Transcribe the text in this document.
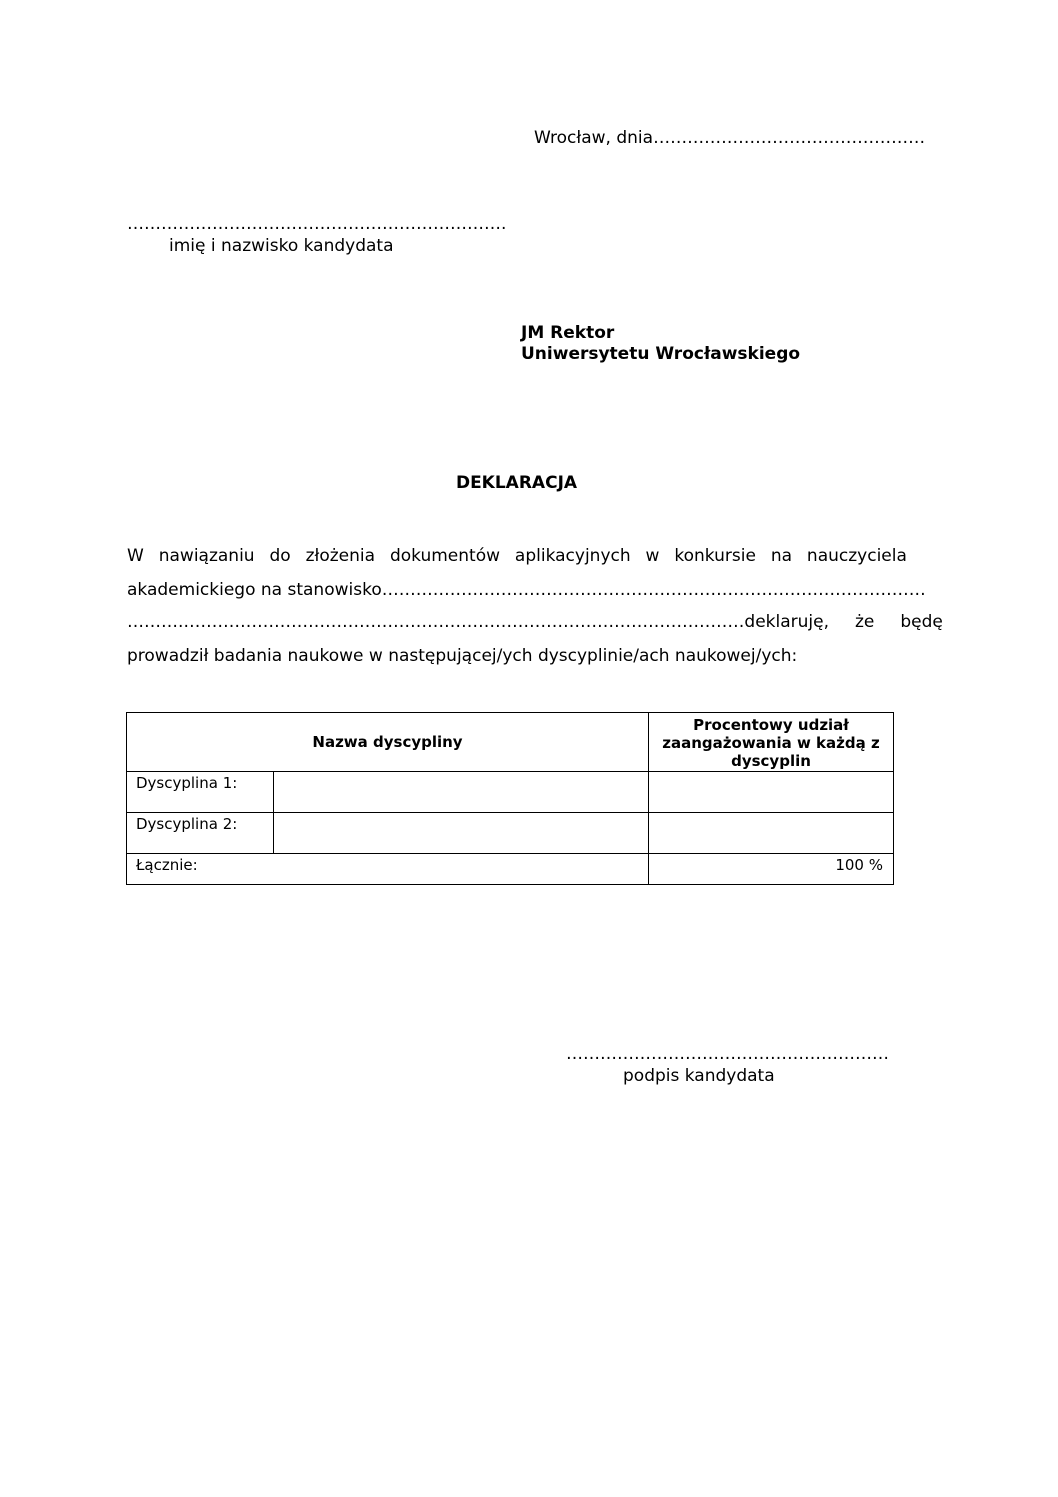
Wrocław, dnia…………………………………………
………………………………………………………….
imię i nazwisko kandydata
JM Rektor
Uniwersytetu Wrocławskiego
DEKLARACJA
W nawiązaniu do złożenia dokumentów aplikacyjnych w konkursie na nauczyciela
akademickiego na stanowisko……………………………………………………………………………………
……….……………………………………………………………………………………… deklaruję, że będę
prowadził badania naukowe w następującej/ych dyscyplinie/ach naukowej/ych:
Nazwa dyscypliny		Procentowy udział zaangażowania w każdą z dyscyplin
Dyscyplina 1:		
Dyscyplina 2:		
Łącznie:		100 %
…………………………………………………
podpis kandydata
